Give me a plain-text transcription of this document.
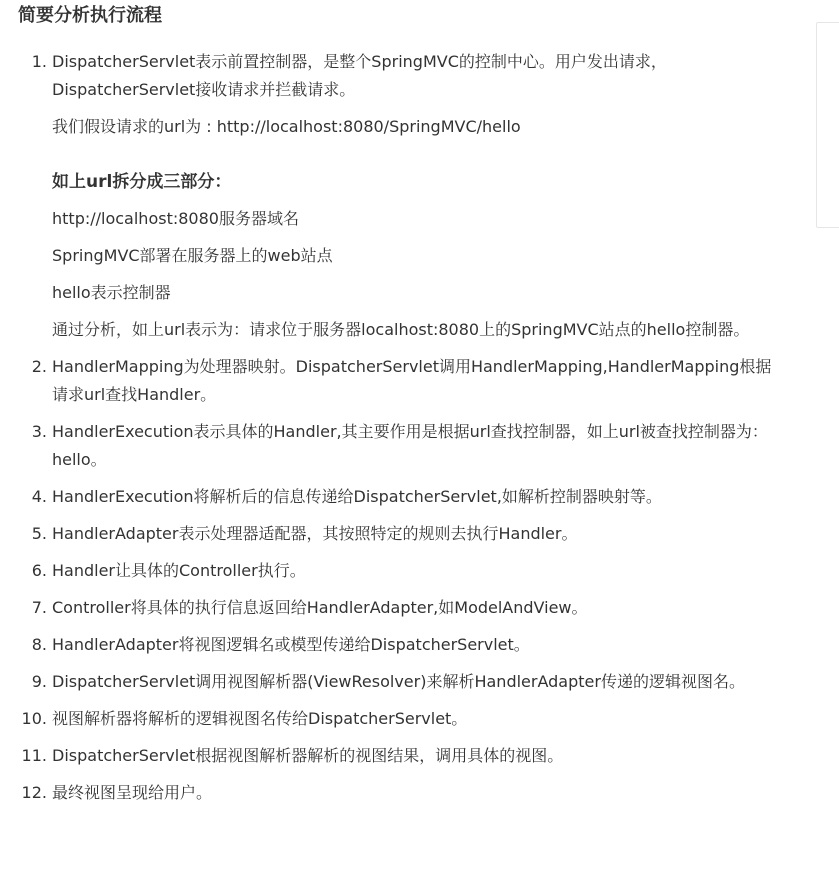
简要分析执行流程
1. DispatcherServlet表示前置控制器，是整个SpringMVC的控制中心。用户发出请求，DispatcherServlet接收请求并拦截请求。
我们假设请求的url为 : http://localhost:8080/SpringMVC/hello
如上url拆分成三部分：
http://localhost:8080服务器域名
SpringMVC部署在服务器上的web站点
hello表示控制器
通过分析，如上url表示为：请求位于服务器localhost:8080上的SpringMVC站点的hello控制器。
2. HandlerMapping为处理器映射。DispatcherServlet调用HandlerMapping,HandlerMapping根据请求url查找Handler。
3. HandlerExecution表示具体的Handler,其主要作用是根据url查找控制器，如上url被查找控制器为：hello。
4. HandlerExecution将解析后的信息传递给DispatcherServlet,如解析控制器映射等。
5. HandlerAdapter表示处理器适配器，其按照特定的规则去执行Handler。
6. Handler让具体的Controller执行。
7. Controller将具体的执行信息返回给HandlerAdapter,如ModelAndView。
8. HandlerAdapter将视图逻辑名或模型传递给DispatcherServlet。
9. DispatcherServlet调用视图解析器(ViewResolver)来解析HandlerAdapter传递的逻辑视图名。
10. 视图解析器将解析的逻辑视图名传给DispatcherServlet。
11. DispatcherServlet根据视图解析器解析的视图结果，调用具体的视图。
12. 最终视图呈现给用户。
